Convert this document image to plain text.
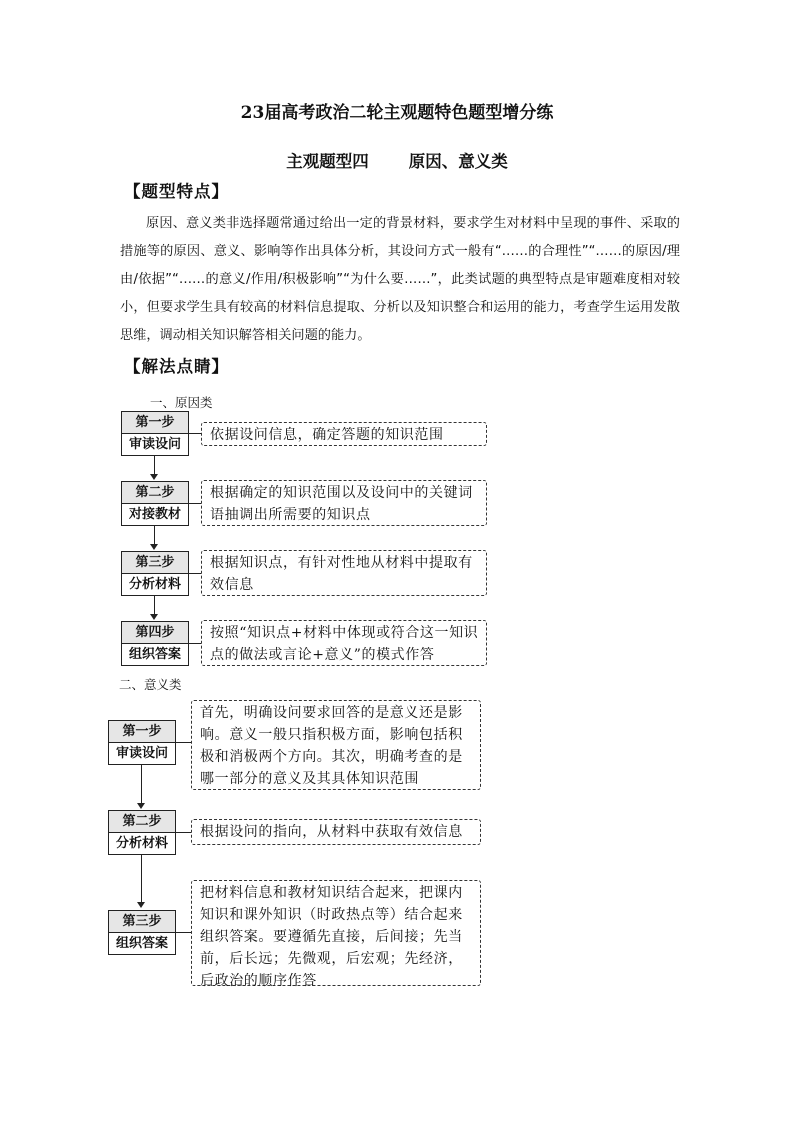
23届高考政治二轮主观题特色题型增分练
主观题型四 原因、意义类
【题型特点】
原因、意义类非选择题常通过给出一定的背景材料，要求学生对材料中呈现的事件、采取的措施等的原因、意义、影响等作出具体分析，其设问方式一般有“……的合理性”“……的原因/理由/依据”“……的意义/作用/积极影响”“为什么要……”，此类试题的典型特点是审题难度相对较小，但要求学生具有较高的材料信息提取、分析以及知识整合和运用的能力，考查学生运用发散思维，调动相关知识解答相关问题的能力。
【解法点睛】
一、原因类
第一步
审读设问
依据设问信息，确定答题的知识范围
第二步
对接教材
根据确定的知识范围以及设问中的关键词语抽调出所需要的知识点
第三步
分析材料
根据知识点，有针对性地从材料中提取有效信息
第四步
组织答案
按照“知识点+材料中体现或符合这一知识点的做法或言论+意义”的模式作答
二、意义类
第一步
审读设问
首先，明确设问要求回答的是意义还是影响。意义一般只指积极方面，影响包括积极和消极两个方向。其次，明确考查的是哪一部分的意义及其具体知识范围
第二步
分析材料
根据设问的指向，从材料中获取有效信息
第三步
组织答案
把材料信息和教材知识结合起来，把课内知识和课外知识（时政热点等）结合起来组织答案。要遵循先直接，后间接；先当前，后长远；先微观，后宏观；先经济，后政治的顺序作答
